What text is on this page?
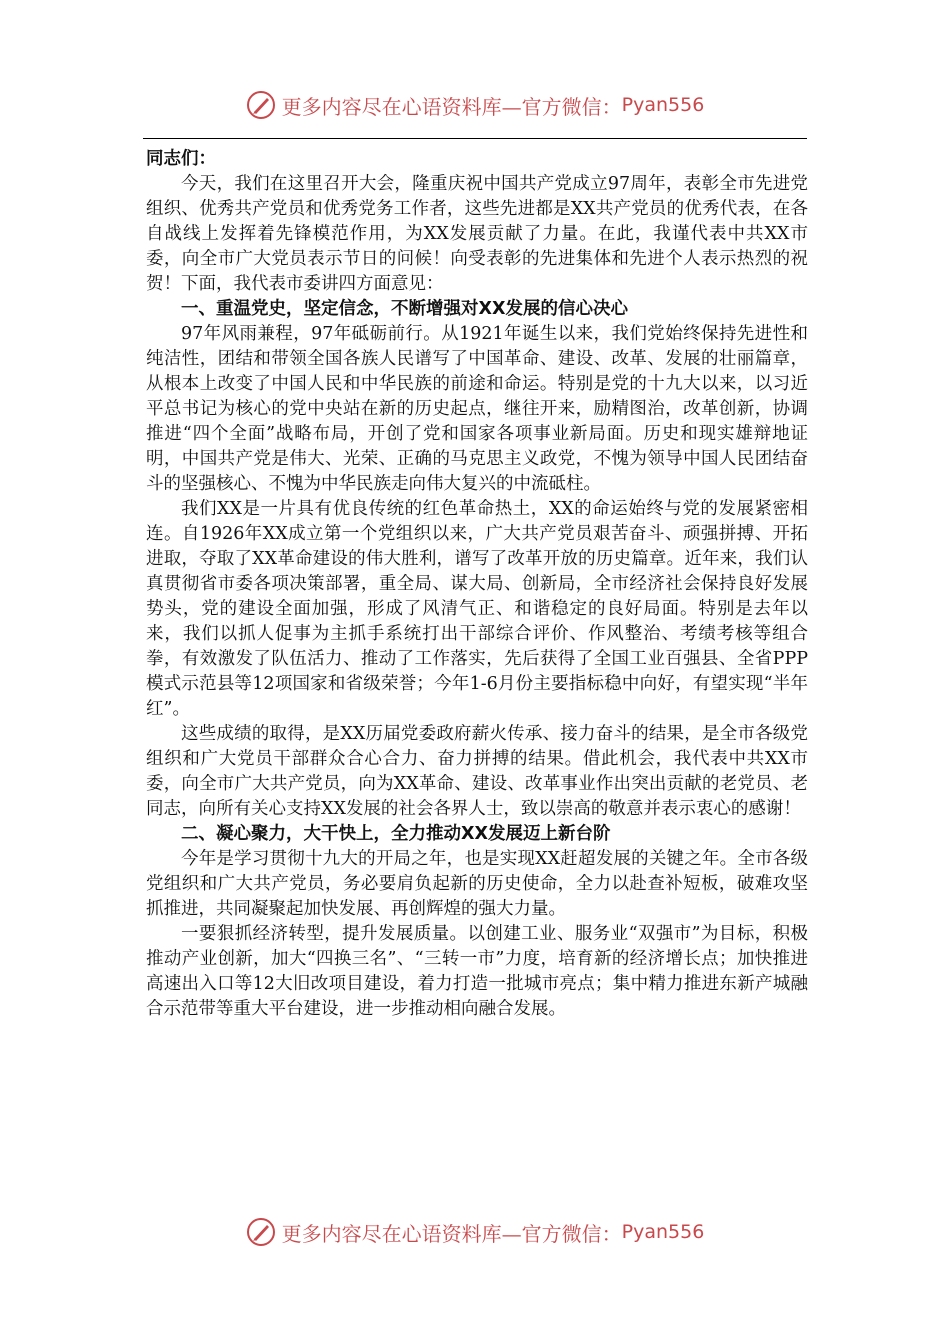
更多内容尽在心语资料库—官方微信： Pyan556

同志们：

今天，我们在这里召开大会，隆重庆祝中国共产党成立97周年，表彰全市先进党组织、优秀共产党员和优秀党务工作者，这些先进都是XX共产党员的优秀代表，在各自战线上发挥着先锋模范作用，为XX发展贡献了力量。在此，我谨代表中共XX市委，向全市广大党员表示节日的问候！向受表彰的先进集体和先进个人表示热烈的祝贺！下面，我代表市委讲四方面意见：

一、重温党史，坚定信念，不断增强对XX发展的信心决心

97年风雨兼程，97年砥砺前行。从1921年诞生以来，我们党始终保持先进性和纯洁性，团结和带领全国各族人民谱写了中国革命、建设、改革、发展的壮丽篇章，从根本上改变了中国人民和中华民族的前途和命运。特别是党的十九大以来，以习近平总书记为核心的党中央站在新的历史起点，继往开来，励精图治，改革创新，协调推进“四个全面”战略布局，开创了党和国家各项事业新局面。历史和现实雄辩地证明，中国共产党是伟大、光荣、正确的马克思主义政党，不愧为领导中国人民团结奋斗的坚强核心、不愧为中华民族走向伟大复兴的中流砥柱。

我们XX是一片具有优良传统的红色革命热土，XX的命运始终与党的发展紧密相连。自1926年XX成立第一个党组织以来，广大共产党员艰苦奋斗、顽强拼搏、开拓进取，夺取了XX革命建设的伟大胜利，谱写了改革开放的历史篇章。近年来，我们认真贯彻省市委各项决策部署，重全局、谋大局、创新局，全市经济社会保持良好发展势头，党的建设全面加强，形成了风清气正、和谐稳定的良好局面。特别是去年以来，我们以抓人促事为主抓手系统打出干部综合评价、作风整治、考绩考核等组合拳，有效激发了队伍活力、推动了工作落实，先后获得了全国工业百强县、全省PPP模式示范县等12项国家和省级荣誉；今年1-6月份主要指标稳中向好，有望实现“半年红”。

这些成绩的取得，是XX历届党委政府薪火传承、接力奋斗的结果，是全市各级党组织和广大党员干部群众合心合力、奋力拼搏的结果。借此机会，我代表中共XX市委，向全市广大共产党员，向为XX革命、建设、改革事业作出突出贡献的老党员、老同志，向所有关心支持XX发展的社会各界人士，致以崇高的敬意并表示衷心的感谢！

二、凝心聚力，大干快上，全力推动XX发展迈上新台阶

今年是学习贯彻十九大的开局之年，也是实现XX赶超发展的关键之年。全市各级党组织和广大共产党员，务必要肩负起新的历史使命，全力以赴查补短板，破难攻坚抓推进，共同凝聚起加快发展、再创辉煌的强大力量。

一要狠抓经济转型，提升发展质量。以创建工业、服务业“双强市”为目标，积极推动产业创新，加大“四换三名”、“三转一市”力度，培育新的经济增长点；加快推进高速出入口等12大旧改项目建设，着力打造一批城市亮点；集中精力推进东新产城融合示范带等重大平台建设，进一步推动相向融合发展。

更多内容尽在心语资料库—官方微信： Pyan556
